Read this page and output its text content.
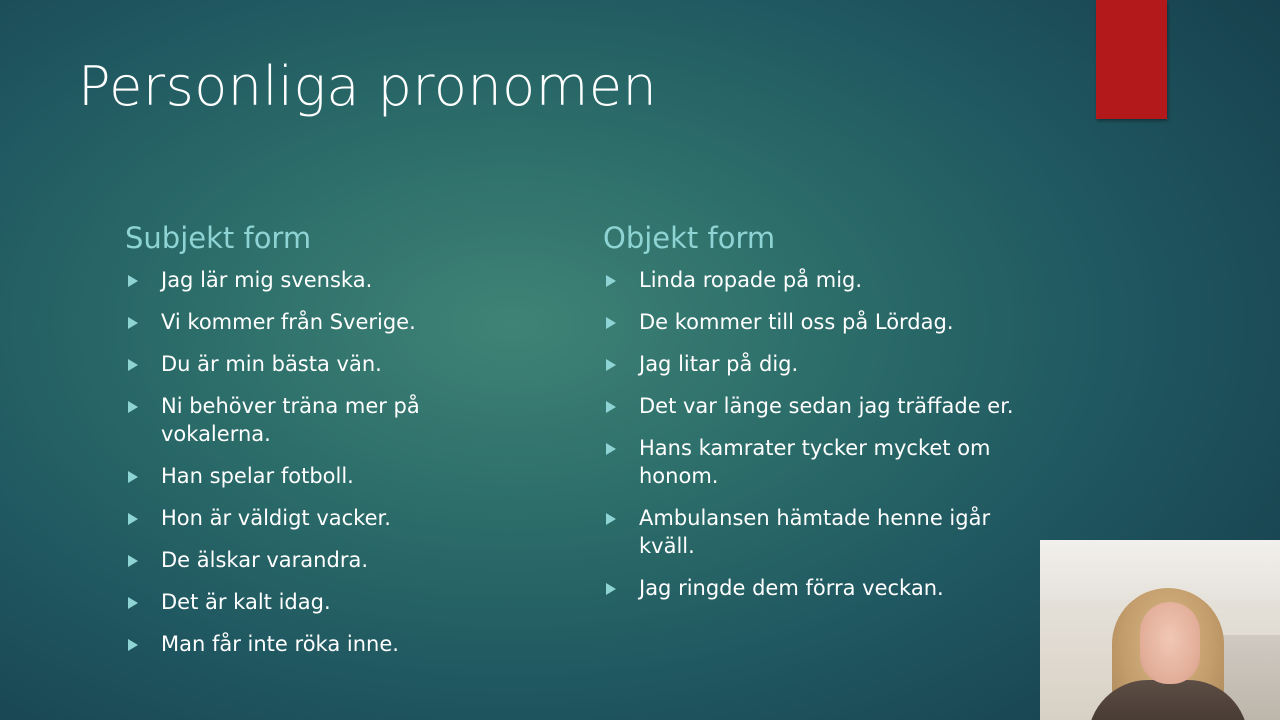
Personliga pronomen
Subjekt form
Jag lär mig svenska.
Vi kommer från Sverige.
Du är min bästa vän.
Ni behöver träna mer på vokalerna.
Han spelar fotboll.
Hon är väldigt vacker.
De älskar varandra.
Det är kalt idag.
Man får inte röka inne.
Objekt form
Linda ropade på mig.
De kommer till oss på Lördag.
Jag litar på dig.
Det var länge sedan jag träffade er.
Hans kamrater tycker mycket om honom.
Ambulansen hämtade henne igår kväll.
Jag ringde dem förra veckan.
